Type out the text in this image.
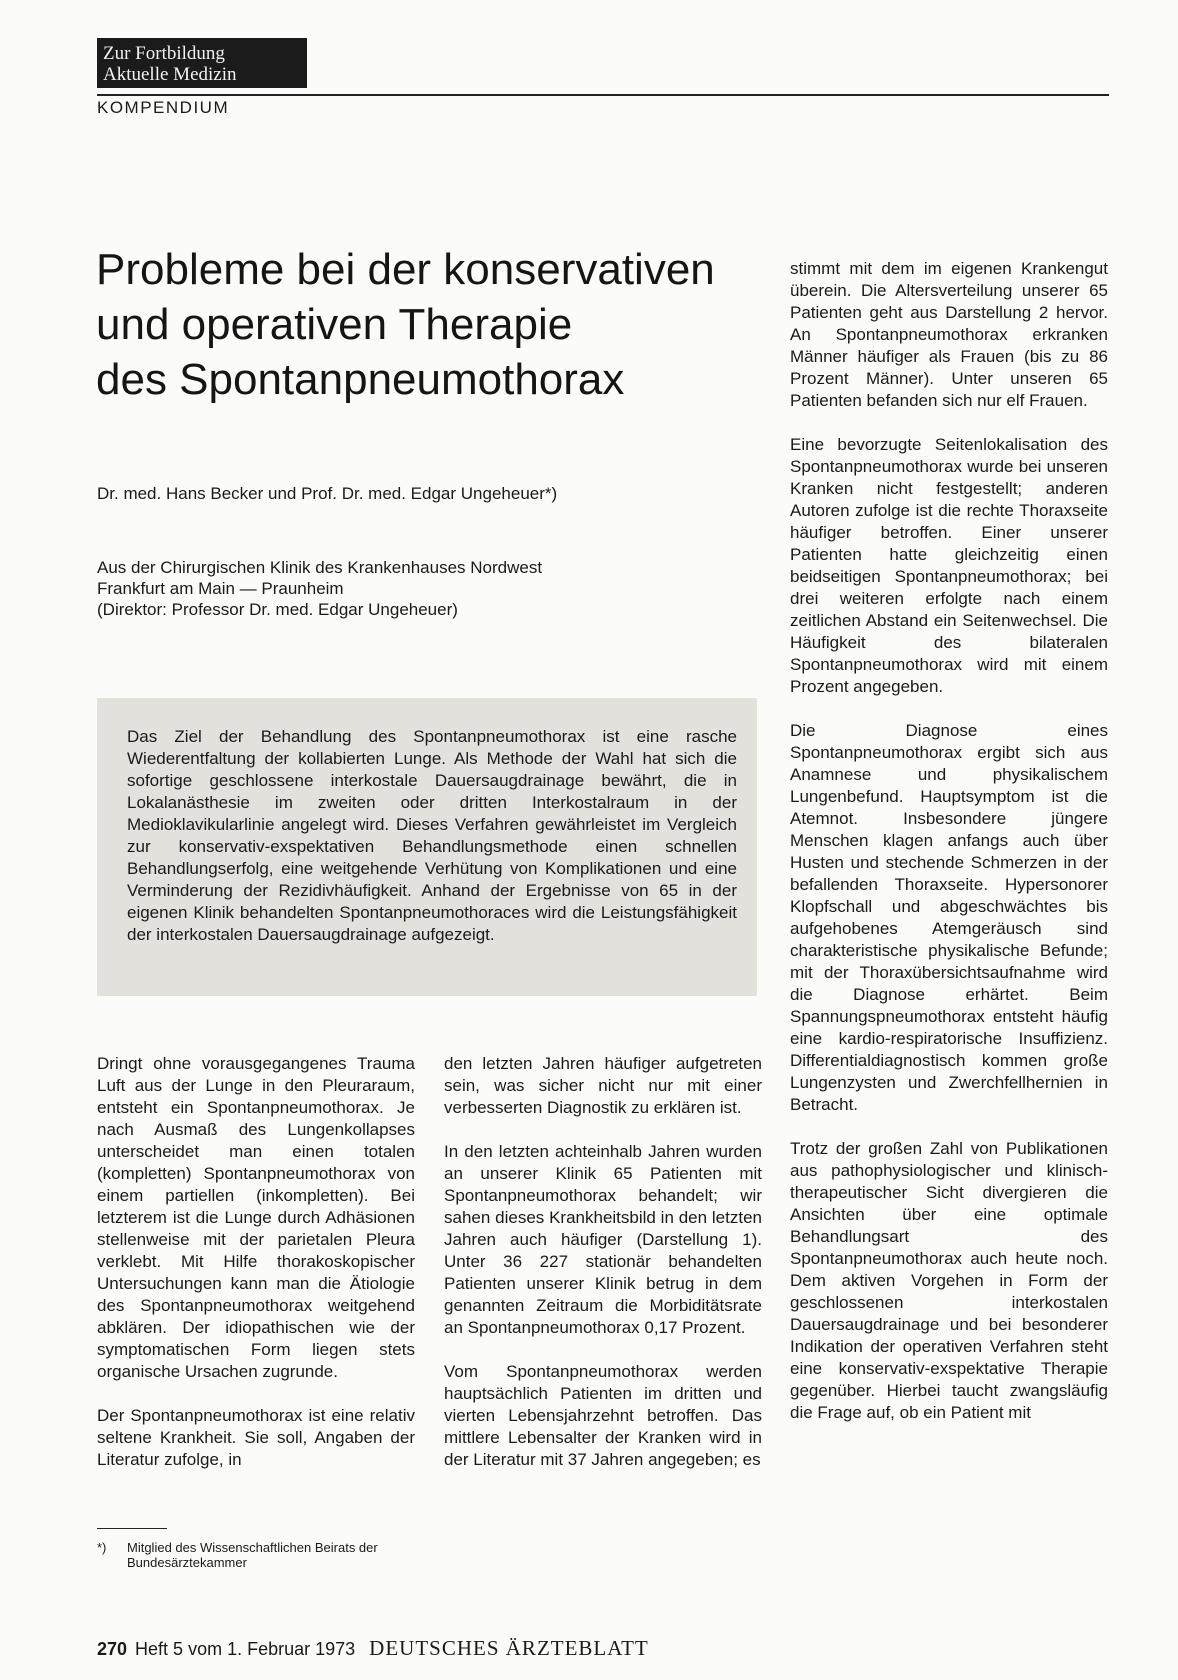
Zur Fortbildung
Aktuelle Medizin
KOMPENDIUM
Probleme bei der konservativen
und operativen Therapie
des Spontanpneumothorax
Dr. med. Hans Becker und Prof. Dr. med. Edgar Ungeheuer*)
Aus der Chirurgischen Klinik des Krankenhauses Nordwest
Frankfurt am Main — Praunheim
(Direktor: Professor Dr. med. Edgar Ungeheuer)

Das Ziel der Behandlung des Spontanpneumothorax ist eine rasche Wiederentfaltung der kollabierten Lunge. Als Methode der Wahl hat sich die sofortige geschlossene interkostale Dauersaugdrainage bewährt, die in Lokalanästhesie im zweiten oder dritten Interkostalraum in der Medioklavikularlinie angelegt wird. Dieses Verfahren gewährleistet im Vergleich zur konservativ-exspektativen Behandlungsmethode einen schnellen Behandlungserfolg, eine weitgehende Verhütung von Komplikationen und eine Verminderung der Rezidivhäufigkeit. Anhand der Ergebnisse von 65 in der eigenen Klinik behandelten Spontanpneumothoraces wird die Leistungsfähigkeit der interkostalen Dauersaugdrainage aufgezeigt.

Dringt ohne vorausgegangenes Trauma Luft aus der Lunge in den Pleuraraum, entsteht ein Spontanpneumothorax. Je nach Ausmaß des Lungenkollapses unterscheidet man einen totalen (kompletten) Spontanpneumothorax von einem partiellen (inkompletten). Bei letzterem ist die Lunge durch Adhäsionen stellenweise mit der parietalen Pleura verklebt. Mit Hilfe thorakoskopischer Untersuchungen kann man die Ätiologie des Spontanpneumothorax weitgehend abklären. Der idiopathischen wie der symptomatischen Form liegen stets organische Ursachen zugrunde.

Der Spontanpneumothorax ist eine relativ seltene Krankheit. Sie soll, Angaben der Literatur zufolge, in

den letzten Jahren häufiger aufgetreten sein, was sicher nicht nur mit einer verbesserten Diagnostik zu erklären ist.

In den letzten achteinhalb Jahren wurden an unserer Klinik 65 Patienten mit Spontanpneumothorax behandelt; wir sahen dieses Krankheitsbild in den letzten Jahren auch häufiger (Darstellung 1). Unter 36 227 stationär behandelten Patienten unserer Klinik betrug in dem genannten Zeitraum die Morbiditätsrate an Spontanpneumothorax 0,17 Prozent.

Vom Spontanpneumothorax werden hauptsächlich Patienten im dritten und vierten Lebensjahrzehnt betroffen. Das mittlere Lebensalter der Kranken wird in der Literatur mit 37 Jahren angegeben; es

stimmt mit dem im eigenen Krankengut überein. Die Altersverteilung unserer 65 Patienten geht aus Darstellung 2 hervor. An Spontanpneumothorax erkranken Männer häufiger als Frauen (bis zu 86 Prozent Männer). Unter unseren 65 Patienten befanden sich nur elf Frauen.

Eine bevorzugte Seitenlokalisation des Spontanpneumothorax wurde bei unseren Kranken nicht festgestellt; anderen Autoren zufolge ist die rechte Thoraxseite häufiger betroffen. Einer unserer Patienten hatte gleichzeitig einen beidseitigen Spontanpneumothorax; bei drei weiteren erfolgte nach einem zeitlichen Abstand ein Seitenwechsel. Die Häufigkeit des bilateralen Spontanpneumothorax wird mit einem Prozent angegeben.

Die Diagnose eines Spontanpneumothorax ergibt sich aus Anamnese und physikalischem Lungenbefund. Hauptsymptom ist die Atemnot. Insbesondere jüngere Menschen klagen anfangs auch über Husten und stechende Schmerzen in der befallenden Thoraxseite. Hypersonorer Klopfschall und abgeschwächtes bis aufgehobenes Atemgeräusch sind charakteristische physikalische Befunde; mit der Thoraxübersichtsaufnahme wird die Diagnose erhärtet. Beim Spannungspneumothorax entsteht häufig eine kardio-respiratorische Insuffizienz. Differentialdiagnostisch kommen große Lungenzysten und Zwerchfellhernien in Betracht.

Trotz der großen Zahl von Publikationen aus pathophysiologischer und klinisch-therapeutischer Sicht divergieren die Ansichten über eine optimale Behandlungsart des Spontanpneumothorax auch heute noch. Dem aktiven Vorgehen in Form der geschlossenen interkostalen Dauersaugdrainage und bei besonderer Indikation der operativen Verfahren steht eine konservativ-exspektative Therapie gegenüber. Hierbei taucht zwangsläufig die Frage auf, ob ein Patient mit

*)	Mitglied des Wissenschaftlichen Beirats der Bundesärztekammer
270 Heft 5 vom 1. Februar 1973 DEUTSCHES ÄRZTEBLATT
